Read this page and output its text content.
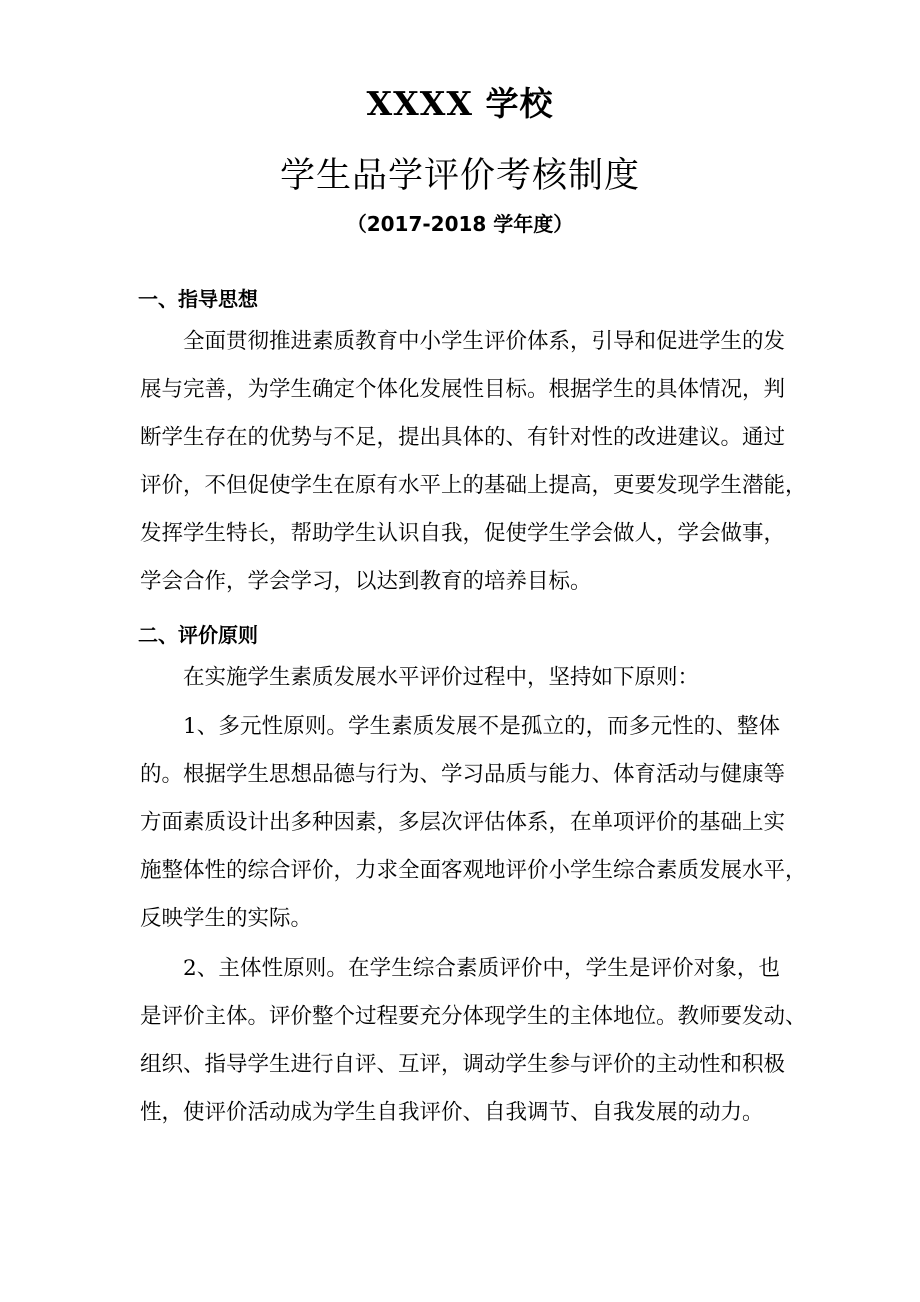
XXXX 学校
学生品学评价考核制度
（2017-2018 学年度）
一、指导思想
全面贯彻推进素质教育中小学生评价体系，引导和促进学生的发
展与完善，为学生确定个体化发展性目标。根据学生的具体情况，判
断学生存在的优势与不足，提出具体的、有针对性的改进建议。通过
评价，不但促使学生在原有水平上的基础上提高，更要发现学生潜能，
发挥学生特长，帮助学生认识自我，促使学生学会做人，学会做事，
学会合作，学会学习，以达到教育的培养目标。
二、评价原则
在实施学生素质发展水平评价过程中，坚持如下原则：
1、多元性原则。学生素质发展不是孤立的，而多元性的、整体
的。根据学生思想品德与行为、学习品质与能力、体育活动与健康等
方面素质设计出多种因素，多层次评估体系，在单项评价的基础上实
施整体性的综合评价，力求全面客观地评价小学生综合素质发展水平，
反映学生的实际。
2、主体性原则。在学生综合素质评价中，学生是评价对象，也
是评价主体。评价整个过程要充分体现学生的主体地位。教师要发动、
组织、指导学生进行自评、互评，调动学生参与评价的主动性和积极
性，使评价活动成为学生自我评价、自我调节、自我发展的动力。
